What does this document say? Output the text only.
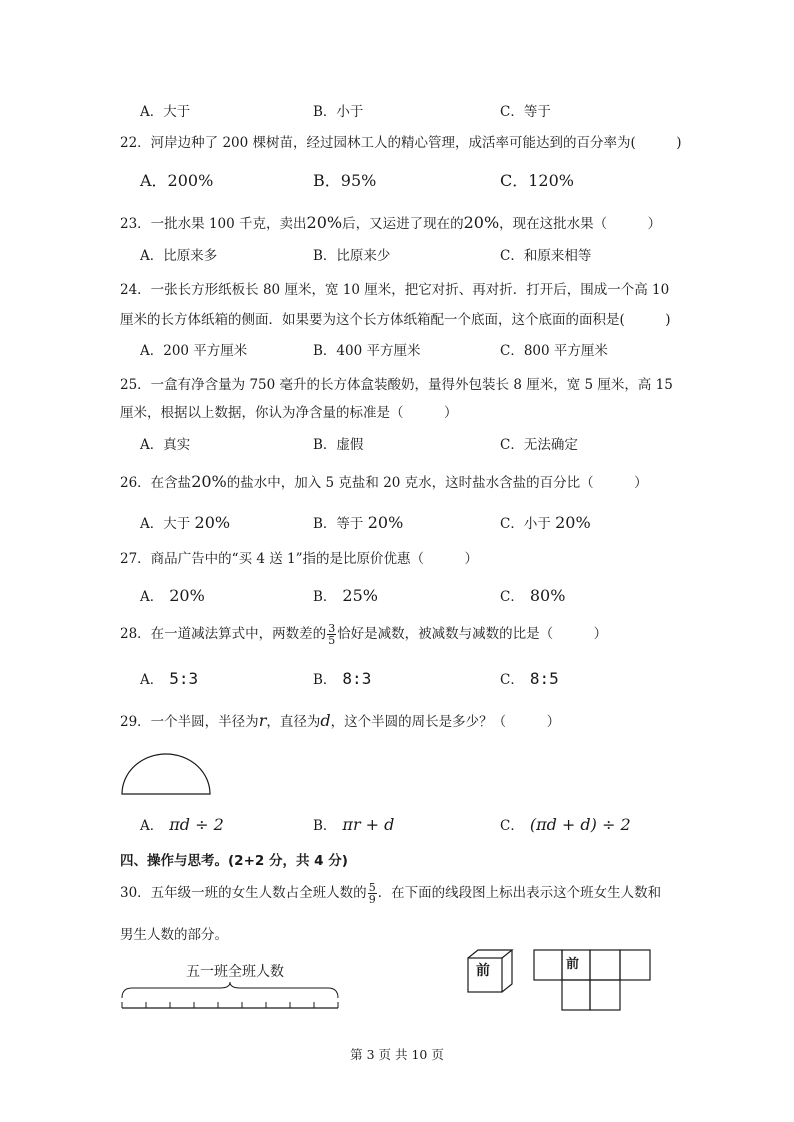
A．大于	B．小于	C．等于
22．河岸边种了 200 棵树苗，经过园林工人的精心管理，成活率可能达到的百分率为(　　　)
A．200%	B．95%	C．120%
23．一批水果 100 千克，卖出20%后，又运进了现在的20%，现在这批水果（　　　）
A．比原来多	B．比原来少	C．和原来相等
24．一张长方形纸板长 80 厘米，宽 10 厘米，把它对折、再对折．打开后，围成一个高 10
厘米的长方体纸箱的侧面．如果要为这个长方体纸箱配一个底面，这个底面的面积是(　　　)
A．200 平方厘米	B．400 平方厘米	C．800 平方厘米
25．一盒有净含量为 750 毫升的长方体盒装酸奶，量得外包装长 8 厘米，宽 5 厘米，高 15
厘米，根据以上数据，你认为净含量的标准是（　　　）
A．真实	B．虚假	C．无法确定
26．在含盐20%的盐水中，加入 5 克盐和 20 克水，这时盐水含盐的百分比（　　　）
A．大于 20%	B．等于 20%	C．小于 20%
27．商品广告中的“买 4 送 1”指的是比原价优惠（　　　）
A． 20%	B． 25%	C． 80%
28．在一道减法算式中，两数差的 $\frac{3}{5}$ 恰好是减数，被减数与减数的比是（　　　）
A． 5:3	B． 8:3	C． 8:5
29．一个半圆，半径为r，直径为d，这个半圆的周长是多少？（　　　）
A． πd ÷ 2	B． πr + d	C． (πd + d) ÷ 2
四、操作与思考。(2+2 分，共 4 分)
30．五年级一班的女生人数占全班人数的 $\frac{5}{9}$ ．在下面的线段图上标出表示这个班女生人数和
男生人数的部分。
五一班全班人数	前	前
第 3 页 共 10 页
